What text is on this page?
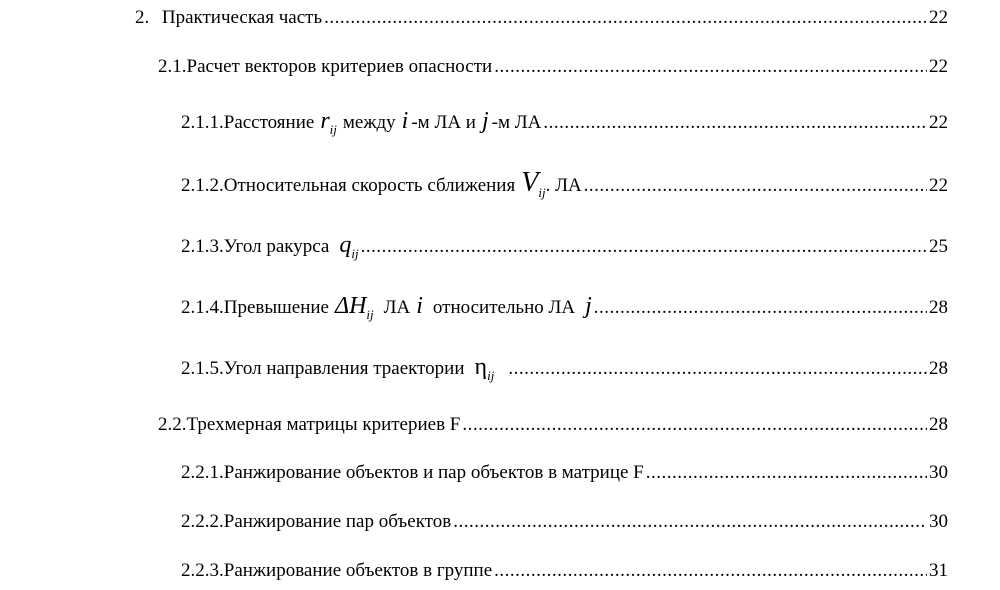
2. Практическая часть .....	22
2.1. Расчет векторов критериев опасности .....	22
2.1.1. Расстояние r ij между i -м ЛА и j -м ЛА .....	22
2.1.2. Относительная скорость сближения V ij . ЛА .....	22
2.1.3. Угол ракурса q ij .....	25
2.1.4. Превышение ΔH ij ЛА i относительно ЛА j .....	28
2.1.5. Угол направления траектории η ij .....	28
2.2. Трехмерная матрицы критериев F .....	28
2.2.1. Ранжирование объектов и пар объектов в матрице F .....	30
2.2.2. Ранжирование пар объектов .....	30
2.2.3. Ранжирование объектов в группе .....	31
